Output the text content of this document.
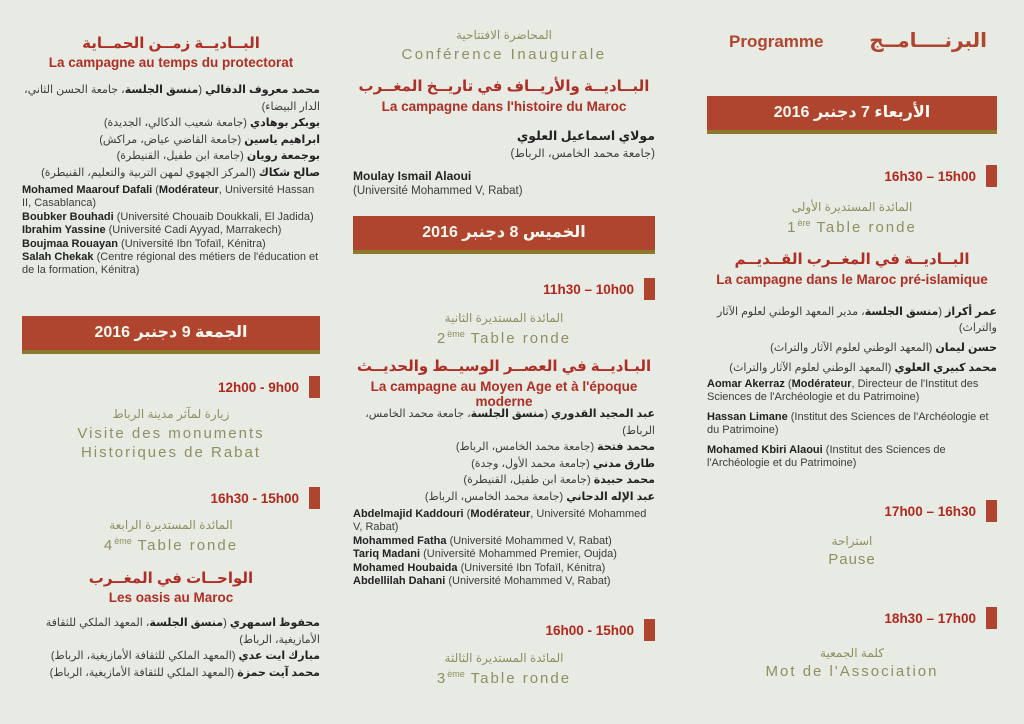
البــاديــة زمــن الحمــاية
La campagne au temps du protectorat

محمد معروف الدفالي (منسق الجلسة، جامعة الحسن الثاني، الدار البيضاء)

بوبكر بوهادي (جامعة شعيب الدكالي، الجديدة)

ابراهيم ياسين (جامعة القاضي عياض، مراكش)

بوجمعة رويان (جامعة ابن طفيل، القنيطرة)

صالح شكاك (المركز الجهوي لمهن التربية والتعليم، القنيطرة)

Mohamed Maarouf Dafali (Modérateur, Université Hassan II, Casablanca)

Boubker Bouhadi (Université Chouaib Doukkali, El Jadida)

Ibrahim Yassine (Université Cadi Ayyad, Marrakech)

Boujmaa Rouayan (Université Ibn Tofaïl, Kénitra)

Salah Chekak (Centre régional des métiers de l'éducation et de la formation, Kénitra)

الجمعة 9 دجنبر 2016
12h00 - 9h00
زيارة لمآثر مدينة الرباط
Visite des monuments
Historiques de Rabat
16h30 - 15h00
المائدة المستديرة الرابعة
4ème Table ronde
الواحــات في المغــرب
Les oasis au Maroc

محفوظ اسمهري (منسق الجلسة، المعهد الملكي للثقافة الأمازيغية، الرباط)

مبارك ايت عدي (المعهد الملكي للثقافة الأمازيغية، الرباط)

محمد آيت حمزة (المعهد الملكي للثقافة الأمازيغية، الرباط)

المحاضرة الافتتاحية
Conférence Inaugurale
البــاديــة والأريــاف في تاريــخ المغــرب
La campagne dans l'histoire du Maroc
مولاي اسماعيل العلوي
(جامعة محمد الخامس، الرباط)
Moulay Ismail Alaoui
(Université Mohammed V, Rabat)
الخميس 8 دجنبر 2016
11h30 – 10h00
المائدة المستديرة الثانية
2ème Table ronde
البـاديــة في العصــر الوسيــط والحديــث
La campagne au Moyen Age et à l'époque moderne

عبد المجيد القدوري (منسق الجلسة، جامعة محمد الخامس، الرباط)

محمد فتحة (جامعة محمد الخامس، الرباط)

طارق مدني (جامعة محمد الأول، وجدة)

محمد حبيدة (جامعة ابن طفيل، القنيطرة)

عبد الإله الدحاني (جامعة محمد الخامس، الرباط)

Abdelmajid Kaddouri (Modérateur, Université Mohammed V, Rabat)

Mohammed Fatha (Université Mohammed V, Rabat)

Tariq Madani (Université Mohammed Premier, Oujda)

Mohamed Houbaida (Université Ibn Tofaïl, Kénitra)

Abdellilah Dahani (Université Mohammed V, Rabat)

16h00 - 15h00
المائدة المستديرة الثالثة
3ème Table ronde
Programme البرنــــامــج
الأربعاء 7 دجنبر 2016
16h30 – 15h00
المائدة المستديرة الأولى
1ère Table ronde
البــاديــة في المغــرب القــديــم
La campagne dans le Maroc pré-islamique

عمر أكراز (منسق الجلسة، مدير المعهد الوطني لعلوم الآثار والتراث)

حسن ليمان (المعهد الوطني لعلوم الآثار والتراث)

محمد كبيري العلوي (المعهد الوطني لعلوم الآثار والتراث)

Aomar Akerraz (Modérateur, Directeur de l'Institut des Sciences de l'Archéologie et du Patrimoine)

Hassan Limane (Institut des Sciences de l'Archéologie et du Patrimoine)

Mohamed Kbiri Alaoui (Institut des Sciences de l'Archéologie et du Patrimoine)

17h00 – 16h30
استراحة
Pause
18h30 – 17h00
كلمة الجمعية
Mot de l'Association
